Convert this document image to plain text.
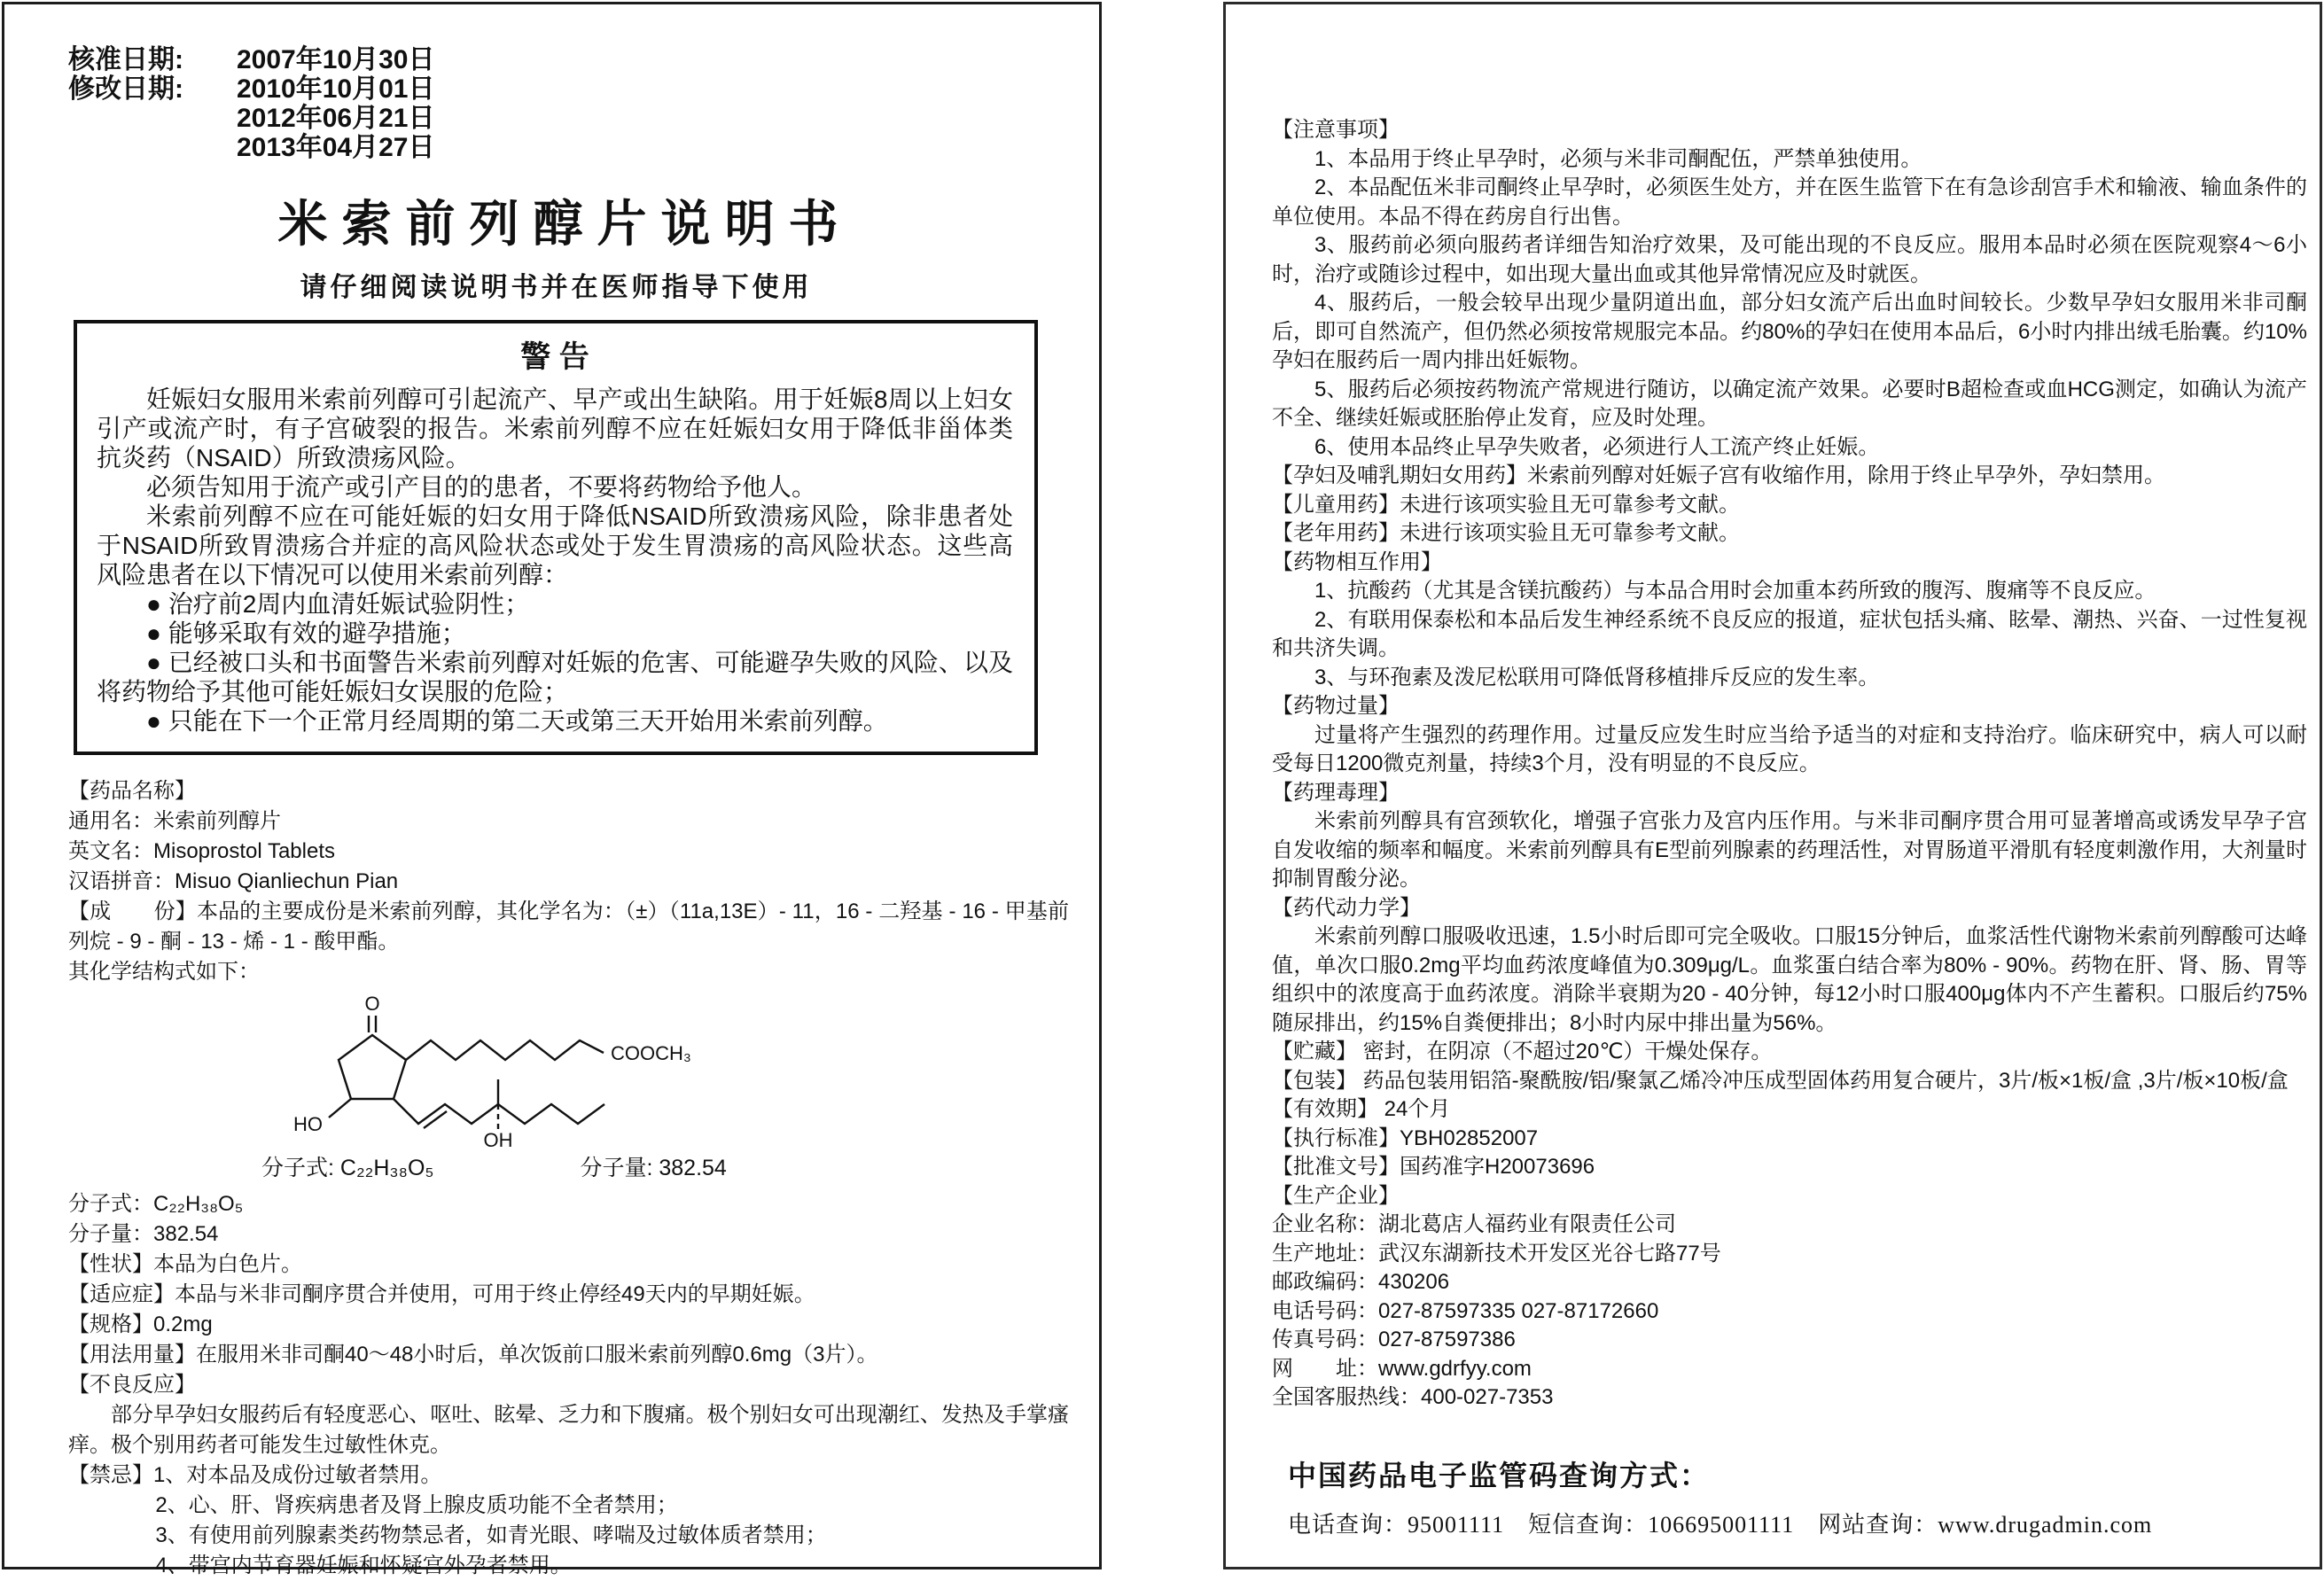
核准日期:	2007年10月30日
修改日期:	2010年10月01日
2012年06月21日
2013年04月27日
米索前列醇片说明书
请仔细阅读说明书并在医师指导下使用
警 告

妊娠妇女服用米索前列醇可引起流产、早产或出生缺陷。用于妊娠8周以上妇女引产或流产时，有子宫破裂的报告。米索前列醇不应在妊娠妇女用于降低非甾体类抗炎药（NSAID）所致溃疡风险。

必须告知用于流产或引产目的的患者，不要将药物给予他人。

米索前列醇不应在可能妊娠的妇女用于降低NSAID所致溃疡风险，除非患者处于NSAID所致胃溃疡合并症的高风险状态或处于发生胃溃疡的高风险状态。这些高风险患者在以下情况可以使用米索前列醇：

● 治疗前2周内血清妊娠试验阴性；

● 能够采取有效的避孕措施；

● 已经被口头和书面警告米索前列醇对妊娠的危害、可能避孕失败的风险、以及将药物给予其他可能妊娠妇女误服的危险；

● 只能在下一个正常月经周期的第二天或第三天开始用米索前列醇。

【药品名称】

通用名：米索前列醇片

英文名：Misoprostol Tablets

汉语拼音：Misuo Qianliechun Pian

【成　　份】本品的主要成份是米索前列醇，其化学名为：（±）（11a,13E）- 11，16 - 二羟基 - 16 - 甲基前列烷 - 9 - 酮 - 13 - 烯 - 1 - 酸甲酯。

其化学结构式如下：

O
HO
OH
COOCH₃
分子式: C₂₂H₃₈O₅	分子量: 382.54

分子式：C₂₂H₃₈O₅

分子量：382.54

【性状】本品为白色片。

【适应症】本品与米非司酮序贯合并使用，可用于终止停经49天内的早期妊娠。

【规格】0.2mg

【用法用量】在服用米非司酮40～48小时后，单次饭前口服米索前列醇0.6mg（3片）。

【不良反应】

部分早孕妇女服药后有轻度恶心、呕吐、眩晕、乏力和下腹痛。极个别妇女可出现潮红、发热及手掌瘙痒。极个别用药者可能发生过敏性休克。

【禁忌】1、对本品及成份过敏者禁用。

2、心、肝、肾疾病患者及肾上腺皮质功能不全者禁用；

3、有使用前列腺素类药物禁忌者，如青光眼、哮喘及过敏体质者禁用；

4、带宫内节育器妊娠和怀疑宫外孕者禁用。

【注意事项】

1、本品用于终止早孕时，必须与米非司酮配伍，严禁单独使用。

2、本品配伍米非司酮终止早孕时，必须医生处方，并在医生监管下在有急诊刮宫手术和输液、输血条件的单位使用。本品不得在药房自行出售。

3、服药前必须向服药者详细告知治疗效果，及可能出现的不良反应。服用本品时必须在医院观察4～6小时，治疗或随诊过程中，如出现大量出血或其他异常情况应及时就医。

4、服药后，一般会较早出现少量阴道出血，部分妇女流产后出血时间较长。少数早孕妇女服用米非司酮后，即可自然流产，但仍然必须按常规服完本品。约80%的孕妇在使用本品后，6小时内排出绒毛胎囊。约10%孕妇在服药后一周内排出妊娠物。

5、服药后必须按药物流产常规进行随访，以确定流产效果。必要时B超检查或血HCG测定，如确认为流产不全、继续妊娠或胚胎停止发育，应及时处理。

6、使用本品终止早孕失败者，必须进行人工流产终止妊娠。

【孕妇及哺乳期妇女用药】米索前列醇对妊娠子宫有收缩作用，除用于终止早孕外，孕妇禁用。

【儿童用药】未进行该项实验且无可靠参考文献。

【老年用药】未进行该项实验且无可靠参考文献。

【药物相互作用】

1、抗酸药（尤其是含镁抗酸药）与本品合用时会加重本药所致的腹泻、腹痛等不良反应。

2、有联用保泰松和本品后发生神经系统不良反应的报道，症状包括头痛、眩晕、潮热、兴奋、一过性复视和共济失调。

3、与环孢素及泼尼松联用可降低肾移植排斥反应的发生率。

【药物过量】

过量将产生强烈的药理作用。过量反应发生时应当给予适当的对症和支持治疗。临床研究中，病人可以耐受每日1200微克剂量，持续3个月，没有明显的不良反应。

【药理毒理】

米索前列醇具有宫颈软化，增强子宫张力及宫内压作用。与米非司酮序贯合用可显著增高或诱发早孕子宫自发收缩的频率和幅度。米索前列醇具有E型前列腺素的药理活性，对胃肠道平滑肌有轻度刺激作用，大剂量时抑制胃酸分泌。

【药代动力学】

米索前列醇口服吸收迅速，1.5小时后即可完全吸收。口服15分钟后，血浆活性代谢物米索前列醇酸可达峰值，单次口服0.2mg平均血药浓度峰值为0.309μg/L。血浆蛋白结合率为80% - 90%。药物在肝、肾、肠、胃等组织中的浓度高于血药浓度。消除半衰期为20 - 40分钟，每12小时口服400μg体内不产生蓄积。口服后约75%随尿排出，约15%自粪便排出；8小时内尿中排出量为56%。

【贮藏】 密封，在阴凉（不超过20℃）干燥处保存。

【包装】 药品包装用铝箔-聚酰胺/铝/聚氯乙烯冷冲压成型固体药用复合硬片，3片/板×1板/盒 ,3片/板×10板/盒

【有效期】 24个月

【执行标准】YBH02852007

【批准文号】国药准字H20073696

【生产企业】

企业名称：湖北葛店人福药业有限责任公司

生产地址：武汉东湖新技术开发区光谷七路77号

邮政编码：430206

电话号码：027-87597335 027-87172660

传真号码：027-87597386

网　　址：www.gdrfyy.com

全国客服热线：400-027-7353

中国药品电子监管码查询方式：
电话查询：95001111　短信查询：106695001111　网站查询：www.drugadmin.com
